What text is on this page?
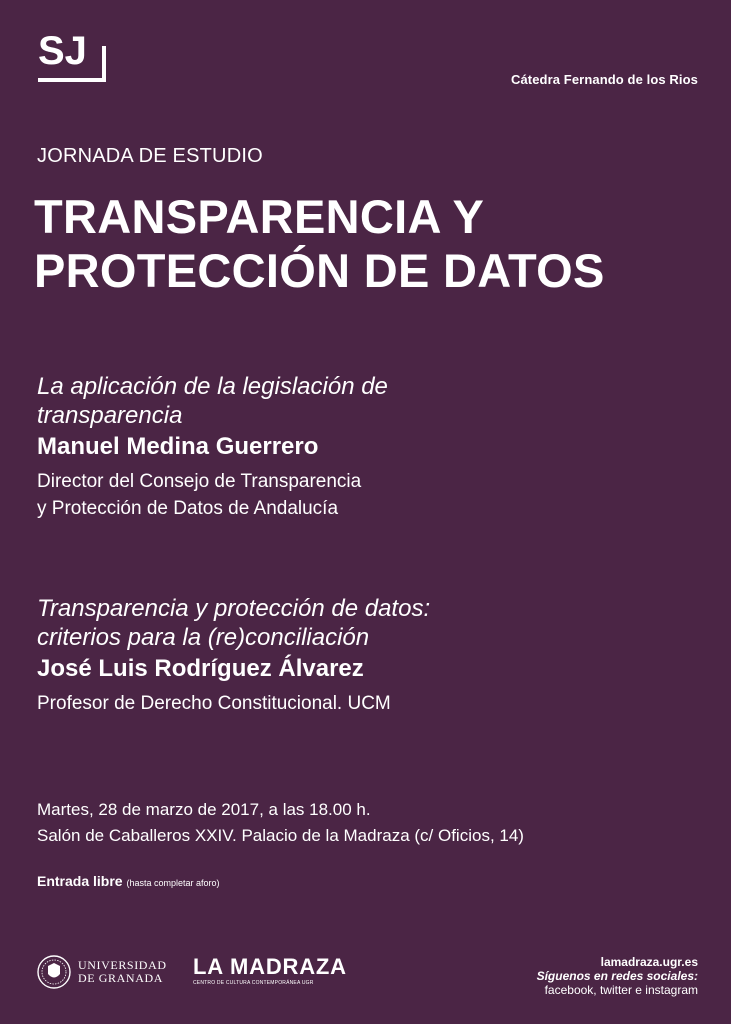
SJ
Cátedra Fernando de los Rios
JORNADA DE ESTUDIO
TRANSPARENCIA Y
PROTECCIÓN DE DATOS
La aplicación de la legislación de
transparencia
Manuel Medina Guerrero
Director del Consejo de Transparencia
y Protección de Datos de Andalucía
Transparencia y protección de datos:
criterios para la (re)conciliación
José Luis Rodríguez Álvarez
Profesor de Derecho Constitucional. UCM
Martes, 28 de marzo de 2017, a las 18.00 h.
Salón de Caballeros XXIV. Palacio de la Madraza (c/ Oficios, 14)
Entrada libre (hasta completar aforo)
UNIVERSIDAD
DE GRANADA LA MADRAZA
CENTRO DE CULTURA CONTEMPORÁNEA UGR
lamadraza.ugr.es
Síguenos en redes sociales:
facebook, twitter e instagram
